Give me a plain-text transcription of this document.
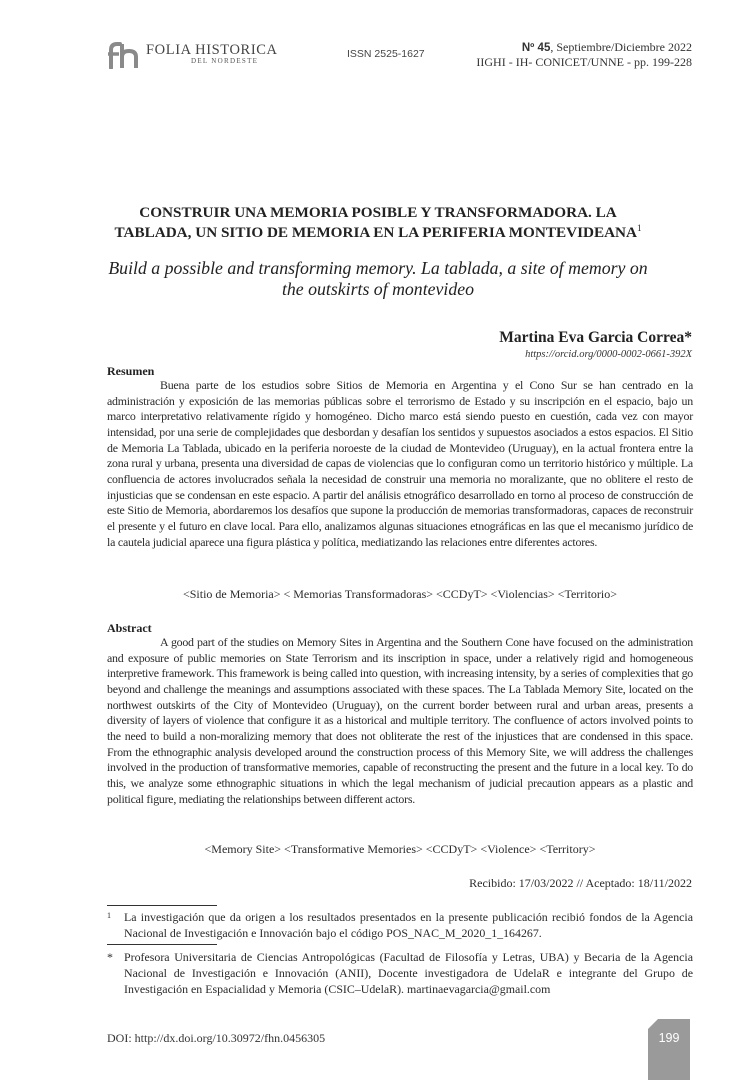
FOLIA HISTORICA
DEL NORDESTE
ISSN 2525-1627	Nº 45, Septiembre/Diciembre 2022
IIGHI - IH- CONICET/UNNE - pp. 199-228
CONSTRUIR UNA MEMORIA POSIBLE Y TRANSFORMADORA. LA TABLADA, UN SITIO DE MEMORIA EN LA PERIFERIA MONTEVIDEANA$^1$
Build a possible and transforming memory. La tablada, a site of memory on the outskirts of montevideo
Martina Eva Garcia Correa*
https://orcid.org/0000-0002-0661-392X
Resumen

Buena parte de los estudios sobre Sitios de Memoria en Argentina y el Cono Sur se han centrado en la administración y exposición de las memorias públicas sobre el terrorismo de Estado y su inscripción en el espacio, bajo un marco interpretativo relativamente rígido y homogéneo. Dicho marco está siendo puesto en cuestión, cada vez con mayor intensidad, por una serie de complejidades que desbordan y desafían los sentidos y supuestos asociados a estos espacios. El Sitio de Memoria La Tablada, ubicado en la periferia noroeste de la ciudad de Montevideo (Uruguay), en la actual frontera entre la zona rural y urbana, presenta una diversidad de capas de violencias que lo configuran como un territorio histórico y múltiple. La confluencia de actores involucrados señala la necesidad de construir una memoria no moralizante, que no oblitere el resto de injusticias que se condensan en este espacio. A partir del análisis etnográfico desarrollado en torno al proceso de construcción de este Sitio de Memoria, abordaremos los desafíos que supone la producción de memorias transformadoras, capaces de reconstruir el presente y el futuro en clave local. Para ello, analizamos algunas situaciones etnográficas en las que el mecanismo jurídico de la cautela judicial aparece una figura plástica y política, mediatizando las relaciones entre diferentes actores.

<Sitio de Memoria> < Memorias Transformadoras> <CCDyT> <Violencias> <Territorio>
Abstract

A good part of the studies on Memory Sites in Argentina and the Southern Cone have focused on the administration and exposure of public memories on State Terrorism and its inscription in space, under a relatively rigid and homogeneous interpretive framework. This framework is being called into question, with increasing intensity, by a series of complexities that go beyond and challenge the meanings and assumptions associated with these spaces. The La Tablada Memory Site, located on the northwest outskirts of the City of Montevideo (Uruguay), on the current border between rural and urban areas, presents a diversity of layers of violence that configure it as a historical and multiple territory. The confluence of actors involved points to the need to build a non-moralizing memory that does not obliterate the rest of the injustices that are condensed in this space. From the ethnographic analysis developed around the construction process of this Memory Site, we will address the challenges involved in the production of transformative memories, capable of reconstructing the present and the future in a local key. To do this, we analyze some ethnographic situations in which the legal mechanism of judicial precaution appears as a plastic and political figure, mediating the relationships between different actors.

<Memory Site> <Transformative Memories> <CCDyT> <Violence> <Territory>
Recibido: 17/03/2022 // Aceptado: 18/11/2022
1 La investigación que da origen a los resultados presentados en la presente publicación recibió fondos de la Agencia Nacional de Investigación e Innovación bajo el código POS_NAC_M_2020_1_164267.
* Profesora Universitaria de Ciencias Antropológicas (Facultad de Filosofía y Letras, UBA) y Becaria de la Agencia Nacional de Investigación e Innovación (ANII), Docente investigadora de UdelaR e integrante del Grupo de Investigación en Espacialidad y Memoria (CSIC–UdelaR). martinaevagarcia@gmail.com
DOI: http://dx.doi.org/10.30972/fhn.0456305	199
